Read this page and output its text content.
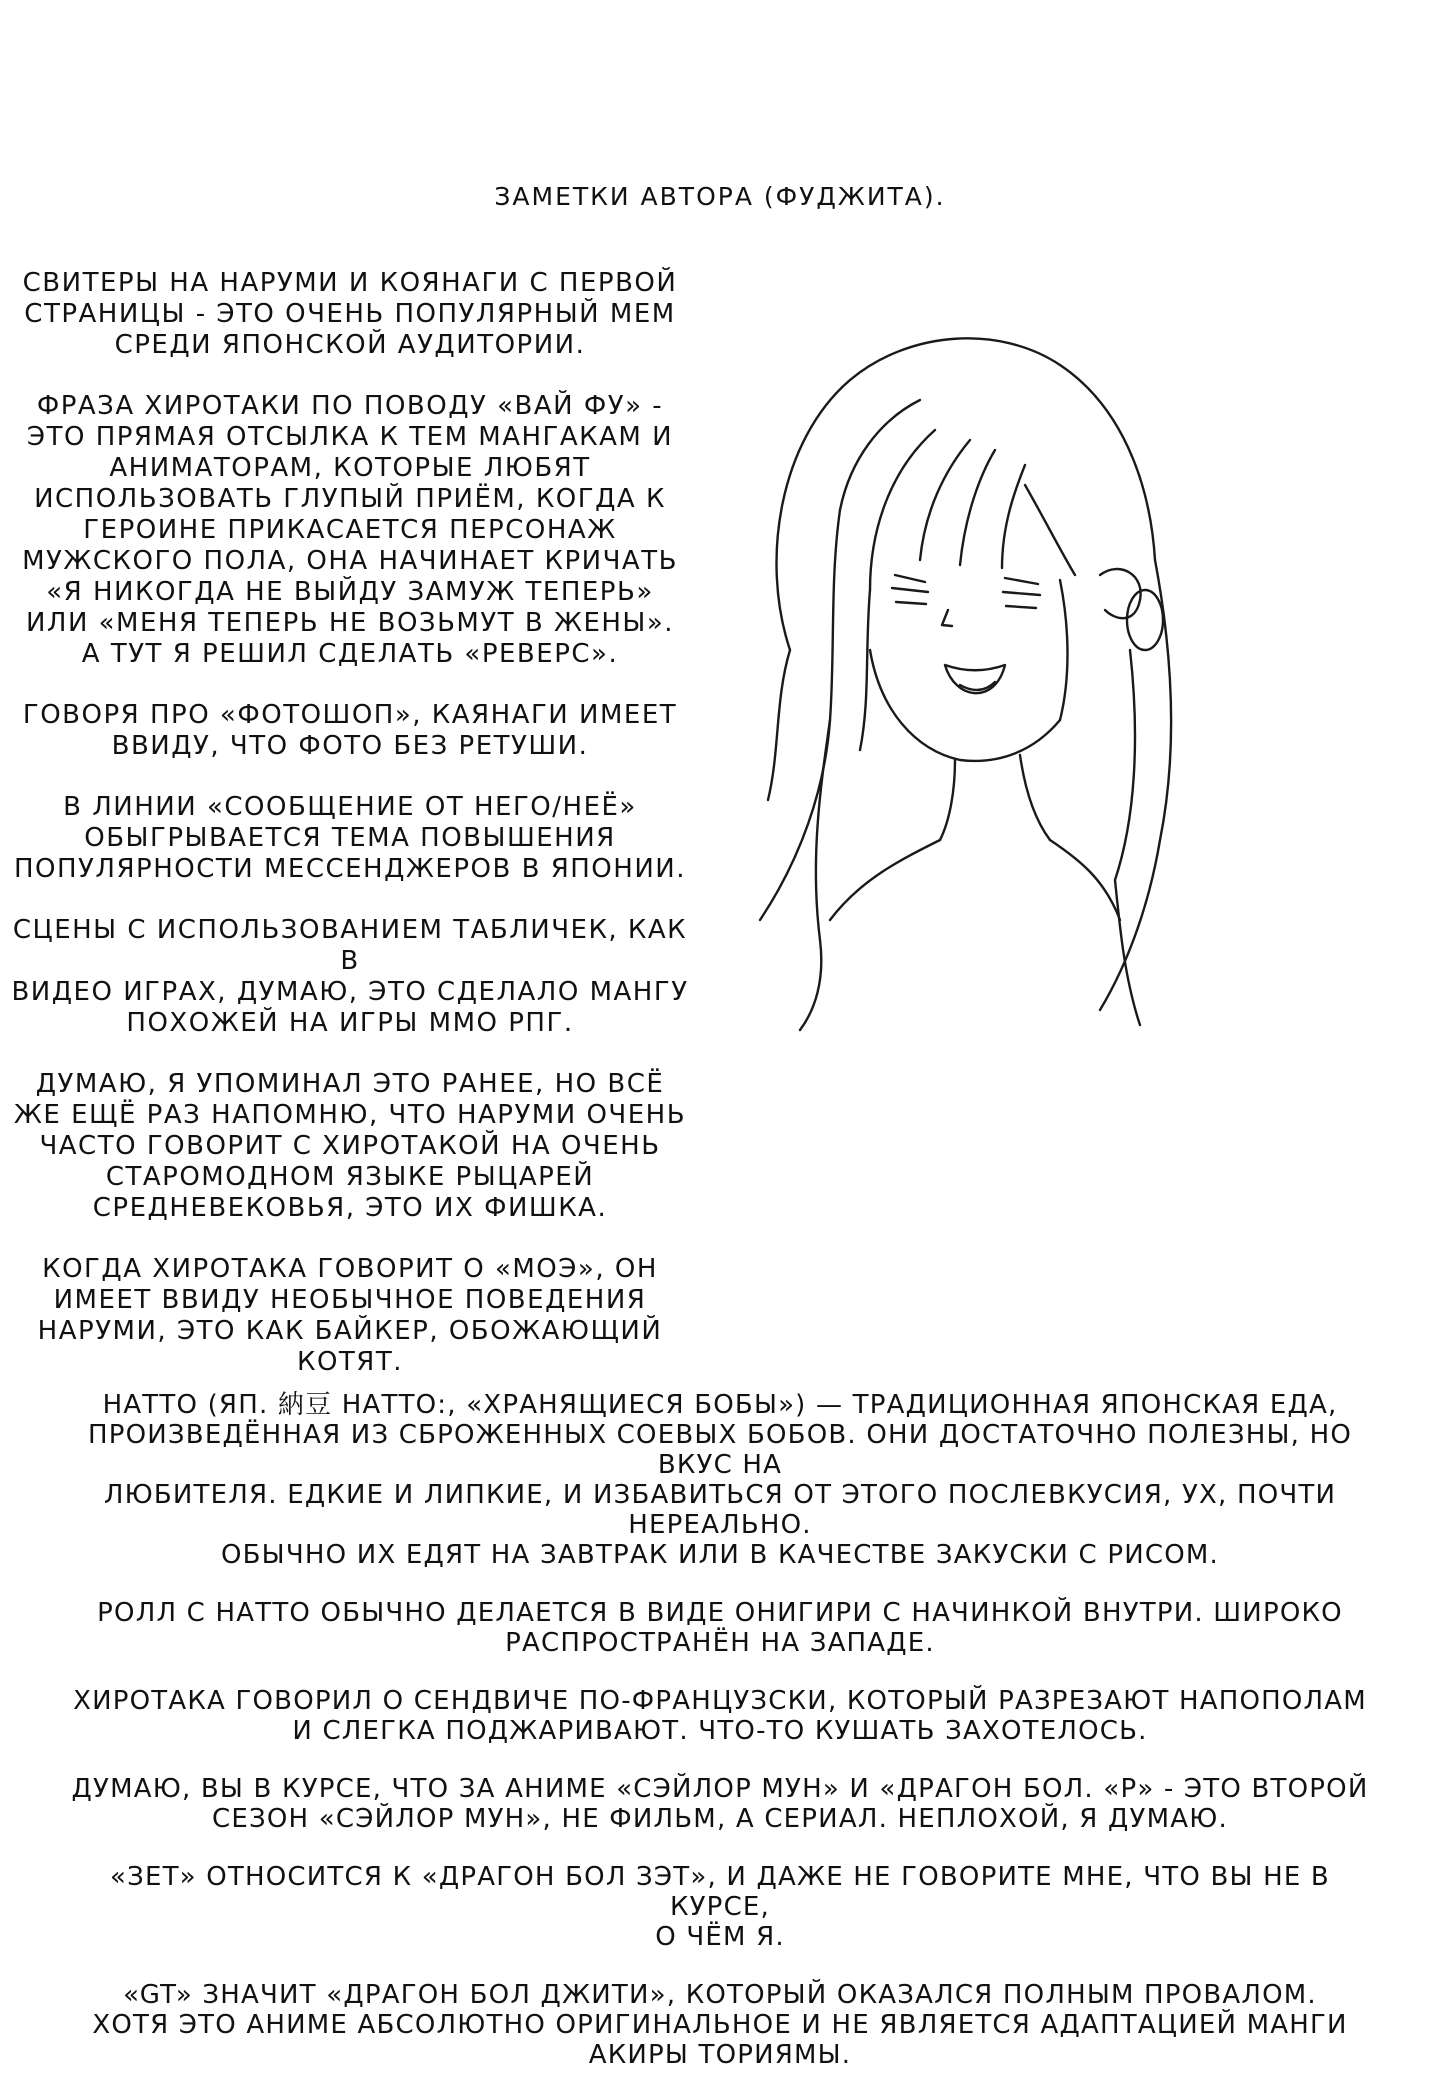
ЗАМЕТКИ АВТОРА (ФУДЖИТА).

СВИТЕРЫ НА НАРУМИ И КОЯНАГИ С ПЕРВОЙ
СТРАНИЦЫ - ЭТО ОЧЕНЬ ПОПУЛЯРНЫЙ МЕМ
СРЕДИ ЯПОНСКОЙ АУДИТОРИИ.

ФРАЗА ХИРОТАКИ ПО ПОВОДУ «ВАЙ ФУ» -
ЭТО ПРЯМАЯ ОТСЫЛКА К ТЕМ МАНГАКАМ И
АНИМАТОРАМ, КОТОРЫЕ ЛЮБЯТ
ИСПОЛЬЗОВАТЬ ГЛУПЫЙ ПРИЁМ, КОГДА К
ГЕРОИНЕ ПРИКАСАЕТСЯ ПЕРСОНАЖ
МУЖСКОГО ПОЛА, ОНА НАЧИНАЕТ КРИЧАТЬ
«Я НИКОГДА НЕ ВЫЙДУ ЗАМУЖ ТЕПЕРЬ»
ИЛИ «МЕНЯ ТЕПЕРЬ НЕ ВОЗЬМУТ В ЖЕНЫ».
А ТУТ Я РЕШИЛ СДЕЛАТЬ «РЕВЕРС».

ГОВОРЯ ПРО «ФОТОШОП», КАЯНАГИ ИМЕЕТ
ВВИДУ, ЧТО ФОТО БЕЗ РЕТУШИ.

В ЛИНИИ «СООБЩЕНИЕ ОТ НЕГО/НЕЁ»
ОБЫГРЫВАЕТСЯ ТЕМА ПОВЫШЕНИЯ
ПОПУЛЯРНОСТИ МЕССЕНДЖЕРОВ В ЯПОНИИ.

СЦЕНЫ С ИСПОЛЬЗОВАНИЕМ ТАБЛИЧЕК, КАК В
ВИДЕО ИГРАХ, ДУМАЮ, ЭТО СДЕЛАЛО МАНГУ
ПОХОЖЕЙ НА ИГРЫ ММО РПГ.

ДУМАЮ, Я УПОМИНАЛ ЭТО РАНЕЕ, НО ВСЁ
ЖЕ ЕЩЁ РАЗ НАПОМНЮ, ЧТО НАРУМИ ОЧЕНЬ
ЧАСТО ГОВОРИТ С ХИРОТАКОЙ НА ОЧЕНЬ
СТАРОМОДНОМ ЯЗЫКЕ РЫЦАРЕЙ
СРЕДНЕВЕКОВЬЯ, ЭТО ИХ ФИШКА.

КОГДА ХИРОТАКА ГОВОРИТ О «МОЭ», ОН
ИМЕЕТ ВВИДУ НЕОБЫЧНОЕ ПОВЕДЕНИЯ
НАРУМИ, ЭТО КАК БАЙКЕР, ОБОЖАЮЩИЙ
КОТЯТ.

НАТТО (ЯП. 納豆 НАТТО:, «ХРАНЯЩИЕСЯ БОБЫ») — ТРАДИЦИОННАЯ ЯПОНСКАЯ ЕДА,
ПРОИЗВЕДЁННАЯ ИЗ СБРОЖЕННЫХ СОЕВЫХ БОБОВ. ОНИ ДОСТАТОЧНО ПОЛЕЗНЫ, НО ВКУС НА
ЛЮБИТЕЛЯ. ЕДКИЕ И ЛИПКИЕ, И ИЗБАВИТЬСЯ ОТ ЭТОГО ПОСЛЕВКУСИЯ, УХ, ПОЧТИ НЕРЕАЛЬНО.
ОБЫЧНО ИХ ЕДЯТ НА ЗАВТРАК ИЛИ В КАЧЕСТВЕ ЗАКУСКИ С РИСОМ.

РОЛЛ С НАТТО ОБЫЧНО ДЕЛАЕТСЯ В ВИДЕ ОНИГИРИ С НАЧИНКОЙ ВНУТРИ. ШИРОКО
РАСПРОСТРАНЁН НА ЗАПАДЕ.

ХИРОТАКА ГОВОРИЛ О СЕНДВИЧЕ ПО-ФРАНЦУЗСКИ, КОТОРЫЙ РАЗРЕЗАЮТ НАПОПОЛАМ
И СЛЕГКА ПОДЖАРИВАЮТ. ЧТО-ТО КУШАТЬ ЗАХОТЕЛОСЬ.

ДУМАЮ, ВЫ В КУРСЕ, ЧТО ЗА АНИМЕ «СЭЙЛОР МУН» И «ДРАГОН БОЛ. «Р» - ЭТО ВТОРОЙ
СЕЗОН «СЭЙЛОР МУН», НЕ ФИЛЬМ, А СЕРИАЛ. НЕПЛОХОЙ, Я ДУМАЮ.

«ЗЕТ» ОТНОСИТСЯ К «ДРАГОН БОЛ ЗЭТ», И ДАЖЕ НЕ ГОВОРИТЕ МНЕ, ЧТО ВЫ НЕ В КУРСЕ,
О ЧЁМ Я.

«GT» ЗНАЧИТ «ДРАГОН БОЛ ДЖИТИ», КОТОРЫЙ ОКАЗАЛСЯ ПОЛНЫМ ПРОВАЛОМ.
ХОТЯ ЭТО АНИМЕ АБСОЛЮТНО ОРИГИНАЛЬНОЕ И НЕ ЯВЛЯЕТСЯ АДАПТАЦИЕЙ МАНГИ
АКИРЫ ТОРИЯМЫ.
